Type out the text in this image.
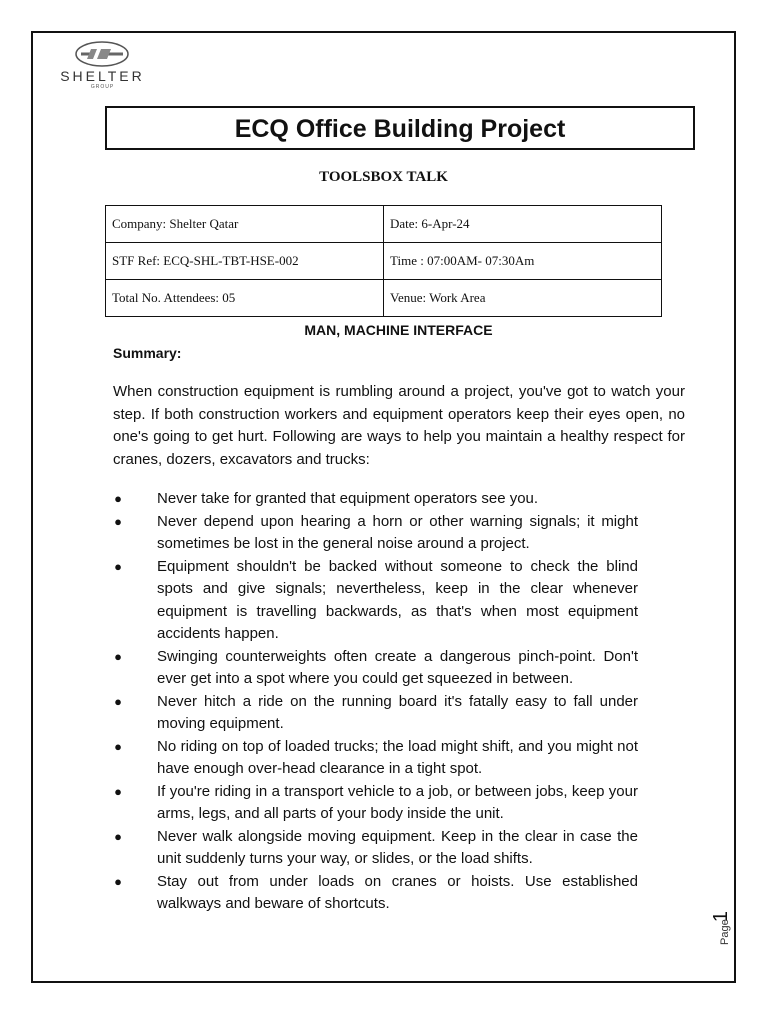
SHELTER
GROUP
ECQ Office Building Project
TOOLSBOX TALK
Company: Shelter Qatar	Date: 6-Apr-24
STF Ref: ECQ-SHL-TBT-HSE-002	Time : 07:00AM- 07:30Am
Total No. Attendees: 05	Venue: Work Area
MAN, MACHINE INTERFACE
Summary:

When construction equipment is rumbling around a project, you've got to watch your step. If both construction workers and equipment operators keep their eyes open, no one's going to get hurt. Following are ways to help you maintain a healthy respect for cranes, dozers, excavators and trucks:

● Never take for granted that equipment operators see you.
● Never depend upon hearing a horn or other warning signals; it might sometimes be lost in the general noise around a project.
● Equipment shouldn't be backed without someone to check the blind spots and give signals; nevertheless, keep in the clear whenever equipment is travelling backwards, as that's when most equipment accidents happen.
● Swinging counterweights often create a dangerous pinch-point. Don't ever get into a spot where you could get squeezed in between.
● Never hitch a ride on the running board it's fatally easy to fall under moving equipment.
● No riding on top of loaded trucks; the load might shift, and you might not have enough over-head clearance in a tight spot.
● If you're riding in a transport vehicle to a job, or between jobs, keep your arms, legs, and all parts of your body inside the unit.
● Never walk alongside moving equipment. Keep in the clear in case the unit suddenly turns your way, or slides, or the load shifts.
● Stay out from under loads on cranes or hoists. Use established walkways and beware of shortcuts.
Page
1
